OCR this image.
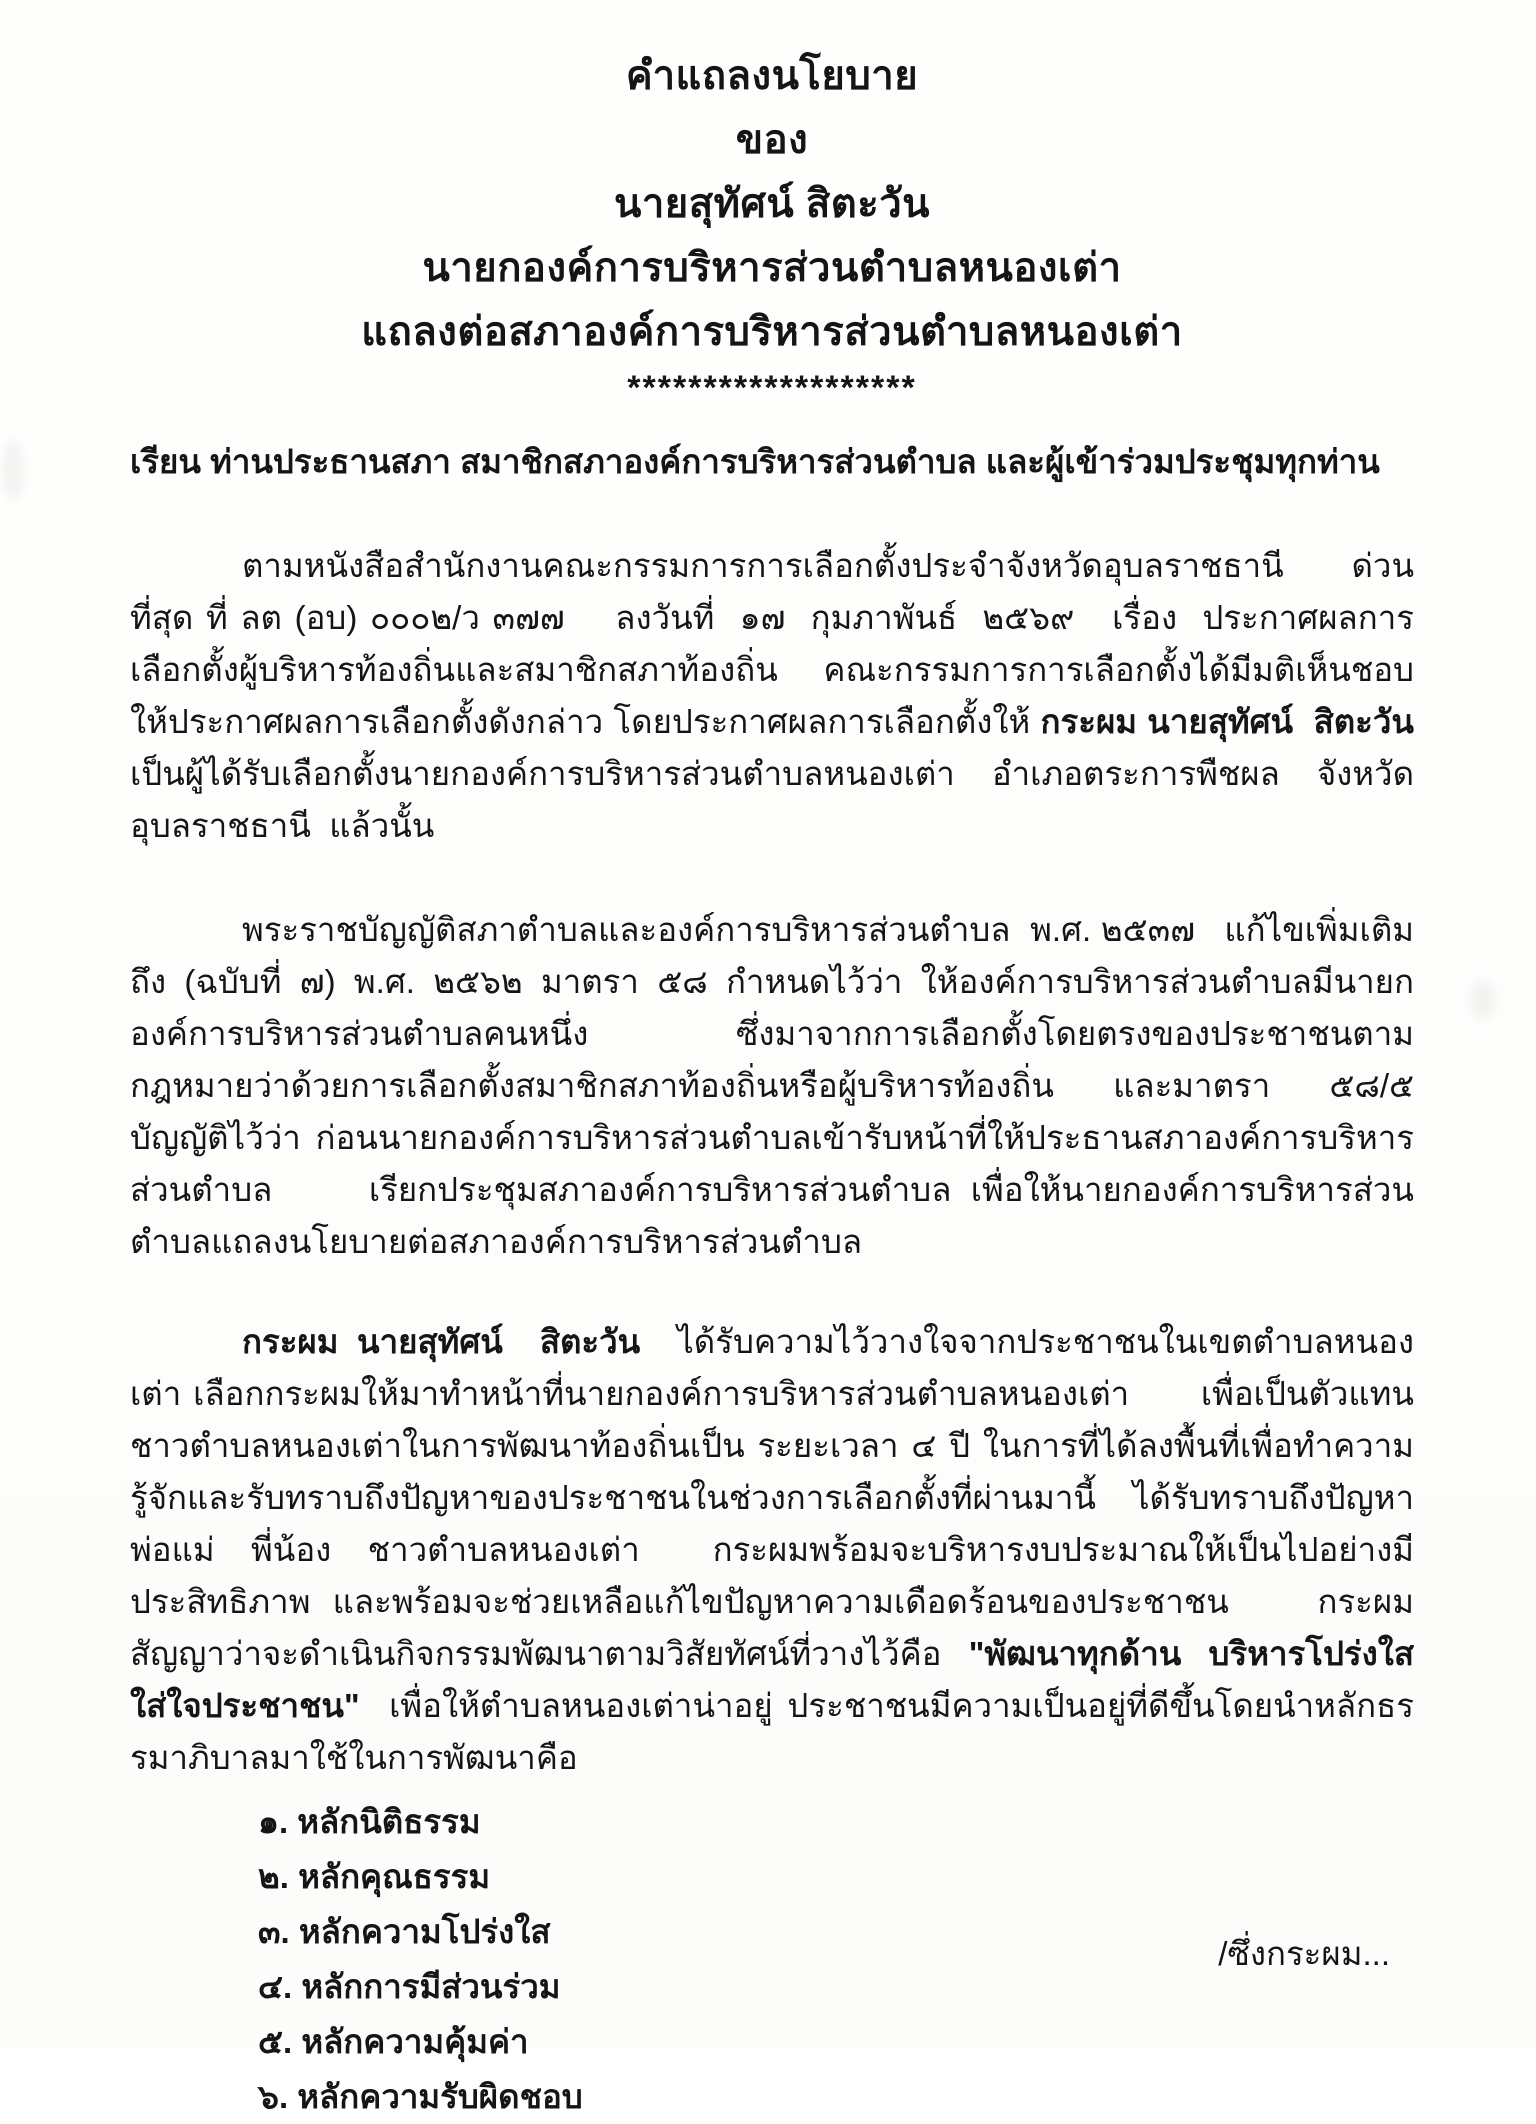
คำแถลงนโยบาย
ของ
นายสุทัศน์ สิตะวัน
นายกองค์การบริหารส่วนตำบลหนองเต่า
แถลงต่อสภาองค์การบริหารส่วนตำบลหนองเต่า
*******************

เรียน ท่านประธานสภา สมาชิกสภาองค์การบริหารส่วนตำบล และผู้เข้าร่วมประชุมทุกท่าน

ตามหนังสือสำนักงานคณะกรรมการการเลือกตั้งประจำจังหวัดอุบลราชธานี   ด่วนที่สุด ที่ ลต (อบ) ๐๐๐๒/ว ๓๗๗    ลงวันที่  ๑๗  กุมภาพันธ์  ๒๕๖๙   เรื่อง  ประกาศผลการเลือกตั้งผู้บริหารท้องถิ่นและสมาชิกสภาท้องถิ่น    คณะกรรมการการเลือกตั้งได้มีมติเห็นชอบให้ประกาศผลการเลือกตั้งดังกล่าว โดยประกาศผลการเลือกตั้งให้ กระผม นายสุทัศน์  สิตะวัน เป็นผู้ได้รับเลือกตั้งนายกองค์การบริหารส่วนตำบลหนองเต่า  อำเภอตระการพืชผล  จังหวัดอุบลราชธานี  แล้วนั้น

พระราชบัญญัติสภาตำบลและองค์การบริหารส่วนตำบล  พ.ศ. ๒๕๓๗   แก้ไขเพิ่มเติมถึง (ฉบับที่ ๗) พ.ศ. ๒๕๖๒ มาตรา ๕๘ กำหนดไว้ว่า ให้องค์การบริหารส่วนตำบลมีนายกองค์การบริหารส่วนตำบลคนหนึ่ง     ซึ่งมาจากการเลือกตั้งโดยตรงของประชาชนตามกฎหมายว่าด้วยการเลือกตั้งสมาชิกสภาท้องถิ่นหรือผู้บริหารท้องถิ่น และมาตรา ๕๘/๕ บัญญัติไว้ว่า ก่อนนายกองค์การบริหารส่วนตำบลเข้ารับหน้าที่ให้ประธานสภาองค์การบริหารส่วนตำบล     เรียกประชุมสภาองค์การบริหารส่วนตำบล เพื่อให้นายกองค์การบริหารส่วนตำบลแถลงนโยบายต่อสภาองค์การบริหารส่วนตำบล

กระผม นายสุทัศน์  สิตะวัน  ได้รับความไว้วางใจจากประชาชนในเขตตำบลหนองเต่า เลือกกระผมให้มาทำหน้าที่นายกองค์การบริหารส่วนตำบลหนองเต่า      เพื่อเป็นตัวแทนชาวตำบลหนองเต่าในการพัฒนาท้องถิ่นเป็น ระยะเวลา ๔ ปี ในการที่ได้ลงพื้นที่เพื่อทำความรู้จักและรับทราบถึงปัญหาของประชาชนในช่วงการเลือกตั้งที่ผ่านมานี้  ได้รับทราบถึงปัญหา พ่อแม่ พี่น้อง ชาวตำบลหนองเต่า  กระผมพร้อมจะบริหารงบประมาณให้เป็นไปอย่างมีประสิทธิภาพ และพร้อมจะช่วยเหลือแก้ไขปัญหาความเดือดร้อนของประชาชน    กระผมสัญญาว่าจะดำเนินกิจกรรมพัฒนาตามวิสัยทัศน์ที่วางไว้คือ  "พัฒนาทุกด้าน  บริหารโปร่งใส  ใส่ใจประชาชน"  เพื่อให้ตำบลหนองเต่าน่าอยู่ ประชาชนมีความเป็นอยู่ที่ดีขึ้นโดยนำหลักธรรมาภิบาลมาใช้ในการพัฒนาคือ

๑. หลักนิติธรรม
๒. หลักคุณธรรม
๓. หลักความโปร่งใส
๔. หลักการมีส่วนร่วม
๕. หลักความคุ้มค่า
๖. หลักความรับผิดชอบ
/ซึ่งกระผม...
